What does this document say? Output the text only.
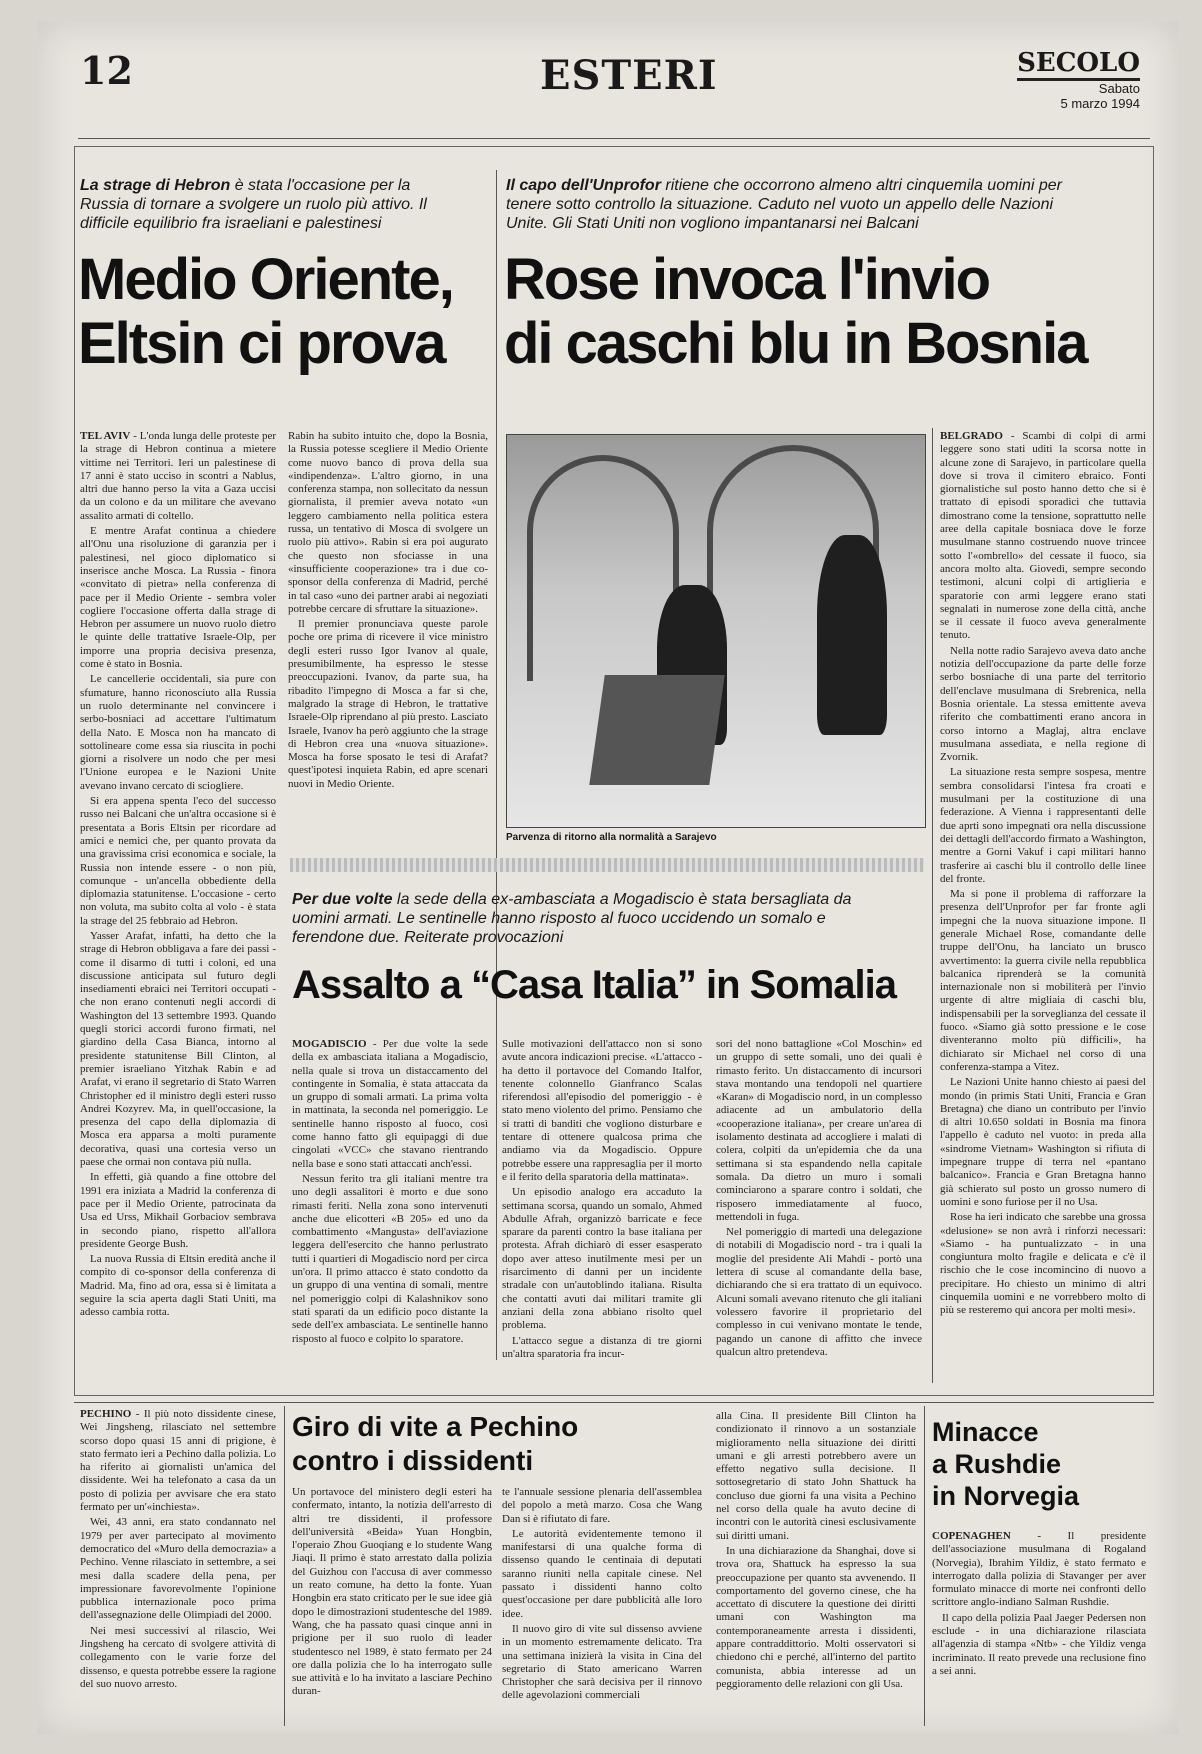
12	ESTERI	SECOLO
Sabato
5 marzo 1994
La strage di Hebron è stata l'occasione per la Russia di tornare a svolgere un ruolo più attivo. Il difficile equilibrio fra israeliani e palestinesi
Medio Oriente,
Eltsin ci prova

TEL AVIV - L'onda lunga delle proteste per la strage di Hebron continua a mietere vittime nei Territori. Ieri un palestinese di 17 anni è stato ucciso in scontri a Nablus, altri due hanno perso la vita a Gaza uccisi da un colono e da un militare che avevano assalito armati di coltello.

E mentre Arafat continua a chiedere all'Onu una risoluzione di garanzia per i palestinesi, nel gioco diplomatico si inserisce anche Mosca. La Russia - finora «convitato di pietra» nella conferenza di pace per il Medio Oriente - sembra voler cogliere l'occasione offerta dalla strage di Hebron per assumere un nuovo ruolo dietro le quinte delle trattative Israele-Olp, per imporre una propria decisiva presenza, come è stato in Bosnia.

Le cancellerie occidentali, sia pure con sfumature, hanno riconosciuto alla Russia un ruolo determinante nel convincere i serbo-bosniaci ad accettare l'ultimatum della Nato. E Mosca non ha mancato di sottolineare come essa sia riuscita in pochi giorni a risolvere un nodo che per mesi l'Unione europea e le Nazioni Unite avevano invano cercato di sciogliere.

Si era appena spenta l'eco del successo russo nei Balcani che un'altra occasione si è presentata a Boris Eltsin per ricordare ad amici e nemici che, per quanto provata da una gravissima crisi economica e sociale, la Russia non intende essere - o non più, comunque - un'ancella obbediente della diplomazia statunitense. L'occasione - certo non voluta, ma subito colta al volo - è stata la strage del 25 febbraio ad Hebron.

Yasser Arafat, infatti, ha detto che la strage di Hebron obbligava a fare dei passi - come il disarmo di tutti i coloni, ed una discussione anticipata sul futuro degli insediamenti ebraici nei Territori occupati - che non erano contenuti negli accordi di Washington del 13 settembre 1993. Quando quegli storici accordi furono firmati, nel giardino della Casa Bianca, intorno al presidente statunitense Bill Clinton, al premier israeliano Yitzhak Rabin e ad Arafat, vi erano il segretario di Stato Warren Christopher ed il ministro degli esteri russo Andrei Kozyrev. Ma, in quell'occasione, la presenza del capo della diplomazia di Mosca era apparsa a molti puramente decorativa, quasi una cortesia verso un paese che ormai non contava più nulla.

In effetti, già quando a fine ottobre del 1991 era iniziata a Madrid la conferenza di pace per il Medio Oriente, patrocinata da Usa ed Urss, Mikhail Gorbaciov sembrava in secondo piano, rispetto all'allora presidente George Bush.

La nuova Russia di Eltsin eredità anche il compito di co-sponsor della conferenza di Madrid. Ma, fino ad ora, essa si è limitata a seguire la scia aperta dagli Stati Uniti, ma adesso cambia rotta.

Rabin ha subito intuito che, dopo la Bosnia, la Russia potesse scegliere il Medio Oriente come nuovo banco di prova della sua «indipendenza». L'altro giorno, in una conferenza stampa, non sollecitato da nessun giornalista, il premier aveva notato «un leggero cambiamento nella politica estera russa, un tentativo di Mosca di svolgere un ruolo più attivo». Rabin si era poi augurato che questo non sfociasse in una «insufficiente cooperazione» tra i due co-sponsor della conferenza di Madrid, perché in tal caso «uno dei partner arabi ai negoziati potrebbe cercare di sfruttare la situazione».

Il premier pronunciava queste parole poche ore prima di ricevere il vice ministro degli esteri russo Igor Ivanov al quale, presumibilmente, ha espresso le stesse preoccupazioni. Ivanov, da parte sua, ha ribadito l'impegno di Mosca a far sì che, malgrado la strage di Hebron, le trattative Israele-Olp riprendano al più presto. Lasciato Israele, Ivanov ha però aggiunto che la strage di Hebron crea una «nuova situazione». Mosca ha forse sposato le tesi di Arafat? quest'ipotesi inquieta Rabin, ed apre scenari nuovi in Medio Oriente.

Il capo dell'Unprofor ritiene che occorrono almeno altri cinquemila uomini per tenere sotto controllo la situazione. Caduto nel vuoto un appello delle Nazioni Unite. Gli Stati Uniti non vogliono impantanarsi nei Balcani
Rose invoca l'invio
di caschi blu in Bosnia
Parvenza di ritorno alla normalità a Sarajevo

BELGRADO - Scambi di colpi di armi leggere sono stati uditi la scorsa notte in alcune zone di Sarajevo, in particolare quella dove si trova il cimitero ebraico. Fonti giornalistiche sul posto hanno detto che si è trattato di episodi sporadici che tuttavia dimostrano come la tensione, soprattutto nelle aree della capitale bosniaca dove le forze musulmane stanno costruendo nuove trincee sotto l'«ombrello» del cessate il fuoco, sia ancora molto alta. Giovedì, sempre secondo testimoni, alcuni colpi di artiglieria e sparatorie con armi leggere erano stati segnalati in numerose zone della città, anche se il cessate il fuoco aveva generalmente tenuto.

Nella notte radio Sarajevo aveva dato anche notizia dell'occupazione da parte delle forze serbo bosniache di una parte del territorio dell'enclave musulmana di Srebrenica, nella Bosnia orientale. La stessa emittente aveva riferito che combattimenti erano ancora in corso intorno a Maglaj, altra enclave musulmana assediata, e nella regione di Zvornik.

La situazione resta sempre sospesa, mentre sembra consolidarsi l'intesa fra croati e musulmani per la costituzione di una federazione. A Vienna i rappresentanti delle due aprti sono impegnati ora nella discussione dei dettagli dell'accordo firmato a Washington, mentre a Gorni Vakuf i capi militari hanno trasferire ai caschi blu il controllo delle linee del fronte.

Ma si pone il problema di rafforzare la presenza dell'Unprofor per far fronte agli impegni che la nuova situazione impone. Il generale Michael Rose, comandante delle truppe dell'Onu, ha lanciato un brusco avvertimento: la guerra civile nella repubblica balcanica riprenderà se la comunità internazionale non si mobiliterà per l'invio urgente di altre migliaia di caschi blu, indispensabili per la sorveglianza del cessate il fuoco. «Siamo già sotto pressione e le cose diventeranno molto più difficili», ha dichiarato sir Michael nel corso di una conferenza-stampa a Vitez.

Le Nazioni Unite hanno chiesto ai paesi del mondo (in primis Stati Uniti, Francia e Gran Bretagna) che diano un contributo per l'invio di altri 10.650 soldati in Bosnia ma finora l'appello è caduto nel vuoto: in preda alla «sindrome Vietnam» Washington si rifiuta di impegnare truppe di terra nel «pantano balcanico». Francia e Gran Bretagna hanno già schierato sul posto un grosso numero di uomini e sono furiose per il no Usa.

Rose ha ieri indicato che sarebbe una grossa «delusione» se non avrà i rinforzi necessari: «Siamo - ha puntualizzato - in una congiuntura molto fragile e delicata e c'è il rischio che le cose incomincino di nuovo a precipitare. Ho chiesto un minimo di altri cinquemila uomini e ne vorrebbero molto di più se resteremo qui ancora per molti mesi».

Per due volte la sede della ex-ambasciata a Mogadiscio è stata bersagliata da uomini armati. Le sentinelle hanno risposto al fuoco uccidendo un somalo e ferendone due. Reiterate provocazioni
Assalto a “Casa Italia” in Somalia

MOGADISCIO - Per due volte la sede della ex ambasciata italiana a Mogadiscio, nella quale si trova un distaccamento del contingente in Somalia, è stata attaccata da un gruppo di somali armati. La prima volta in mattinata, la seconda nel pomeriggio. Le sentinelle hanno risposto al fuoco, così come hanno fatto gli equipaggi di due cingolati «VCC» che stavano rientrando nella base e sono stati attaccati anch'essi.

Nessun ferito tra gli italiani mentre tra uno degli assalitori è morto e due sono rimasti feriti. Nella zona sono intervenuti anche due elicotteri «B 205» ed uno da combattimento «Mangusta» dell'aviazione leggera dell'esercito che hanno perlustrato tutti i quartieri di Mogadiscio nord per circa un'ora. Il primo attacco è stato condotto da un gruppo di una ventina di somali, mentre nel pomeriggio colpi di Kalashnikov sono stati sparati da un edificio poco distante la sede dell'ex ambasciata. Le sentinelle hanno risposto al fuoco e colpito lo sparatore.

Sulle motivazioni dell'attacco non si sono avute ancora indicazioni precise. «L'attacco - ha detto il portavoce del Comando Italfor, tenente colonnello Gianfranco Scalas riferendosi all'episodio del pomeriggio - è stato meno violento del primo. Pensiamo che si tratti di banditi che vogliono disturbare e tentare di ottenere qualcosa prima che andiamo via da Mogadiscio. Oppure potrebbe essere una rappresaglia per il morto e il ferito della sparatoria della mattinata».

Un episodio analogo era accaduto la settimana scorsa, quando un somalo, Ahmed Abdulle Afrah, organizzò barricate e fece sparare da parenti contro la base italiana per protesta. Afrah dichiarò di esser esasperato dopo aver atteso inutilmente mesi per un risarcimento di danni per un incidente stradale con un'autoblindo italiana. Risulta che contatti avuti dai militari tramite gli anziani della zona abbiano risolto quel problema.

L'attacco segue a distanza di tre giorni un'altra sparatoria fra incur-

sori del nono battaglione «Col Moschin» ed un gruppo di sette somali, uno dei quali è rimasto ferito. Un distaccamento di incursori stava montando una tendopoli nel quartiere «Karan» di Mogadiscio nord, in un complesso adiacente ad un ambulatorio della «cooperazione italiana», per creare un'area di isolamento destinata ad accogliere i malati di colera, colpiti da un'epidemia che da una settimana si sta espandendo nella capitale somala. Da dietro un muro i somali cominciarono a sparare contro i soldati, che risposero immediatamente al fuoco, mettendoli in fuga.

Nel pomeriggio di martedì una delegazione di notabili di Mogadiscio nord - tra i quali la moglie del presidente Ali Mahdi - portò una lettera di scuse al comandante della base, dichiarando che si era trattato di un equivoco. Alcuni somali avevano ritenuto che gli italiani volessero favorire il proprietario del complesso in cui venivano montate le tende, pagando un canone di affitto che invece qualcun altro pretendeva.

PECHINO - Il più noto dissidente cinese, Wei Jingsheng, rilasciato nel settembre scorso dopo quasi 15 anni di prigione, è stato fermato ieri a Pechino dalla polizia. Lo ha riferito ai giornalisti un'amica del dissidente. Wei ha telefonato a casa da un posto di polizia per avvisare che era stato fermato per un'«inchiesta».

Wei, 43 anni, era stato condannato nel 1979 per aver partecipato al movimento democratico del «Muro della democrazia» a Pechino. Venne rilasciato in settembre, a sei mesi dalla scadere della pena, per impressionare favorevolmente l'opinione pubblica internazionale poco prima dell'assegnazione delle Olimpiadi del 2000.

Nei mesi successivi al rilascio, Wei Jingsheng ha cercato di svolgere attività di collegamento con le varie forze del dissenso, e questa potrebbe essere la ragione del suo nuovo arresto.

Giro di vite a Pechino
contro i dissidenti

Un portavoce del ministero degli esteri ha confermato, intanto, la notizia dell'arresto di altri tre dissidenti, il professore dell'università «Beida» Yuan Hongbin, l'operaio Zhou Guoqiang e lo studente Wang Jiaqi. Il primo è stato arrestato dalla polizia del Guizhou con l'accusa di aver commesso un reato comune, ha detto la fonte. Yuan Hongbin era stato criticato per le sue idee già dopo le dimostrazioni studentesche del 1989. Wang, che ha passato quasi cinque anni in prigione per il suo ruolo di leader studentesco nel 1989, è stato fermato per 24 ore dalla polizia che lo ha interrogato sulle sue attività e lo ha invitato a lasciare Pechino duran-

te l'annuale sessione plenaria dell'assemblea del popolo a metà marzo. Cosa che Wang Dan si è rifiutato di fare.

Le autorità evidentemente temono il manifestarsi di una qualche forma di dissenso quando le centinaia di deputati saranno riuniti nella capitale cinese. Nel passato i dissidenti hanno colto quest'occasione per dare pubblicità alle loro idee.

Il nuovo giro di vite sul dissenso avviene in un momento estremamente delicato. Tra una settimana inizierà la visita in Cina del segretario di Stato americano Warren Christopher che sarà decisiva per il rinnovo delle agevolazioni commerciali

alla Cina. Il presidente Bill Clinton ha condizionato il rinnovo a un sostanziale miglioramento nella situazione dei diritti umani e gli arresti potrebbero avere un effetto negativo sulla decisione. Il sottosegretario di stato John Shattuck ha concluso due giorni fa una visita a Pechino nel corso della quale ha avuto decine di incontri con le autorità cinesi esclusivamente sui diritti umani.

In una dichiarazione da Shanghai, dove si trova ora, Shattuck ha espresso la sua preoccupazione per quanto sta avvenendo. Il comportamento del governo cinese, che ha accettato di discutere la questione dei diritti umani con Washington ma contemporaneamente arresta i dissidenti, appare contraddittorio. Molti osservatori si chiedono chi e perché, all'interno del partito comunista, abbia interesse ad un peggioramento delle relazioni con gli Usa.

Minacce
a Rushdie
in Norvegia

COPENAGHEN - Il presidente dell'associazione musulmana di Rogaland (Norvegia), Ibrahim Yildiz, è stato fermato e interrogato dalla polizia di Stavanger per aver formulato minacce di morte nei confronti dello scrittore anglo-indiano Salman Rushdie.

Il capo della polizia Paal Jaeger Pedersen non esclude - in una dichiarazione rilasciata all'agenzia di stampa «Ntb» - che Yildiz venga incriminato. Il reato prevede una reclusione fino a sei anni.
